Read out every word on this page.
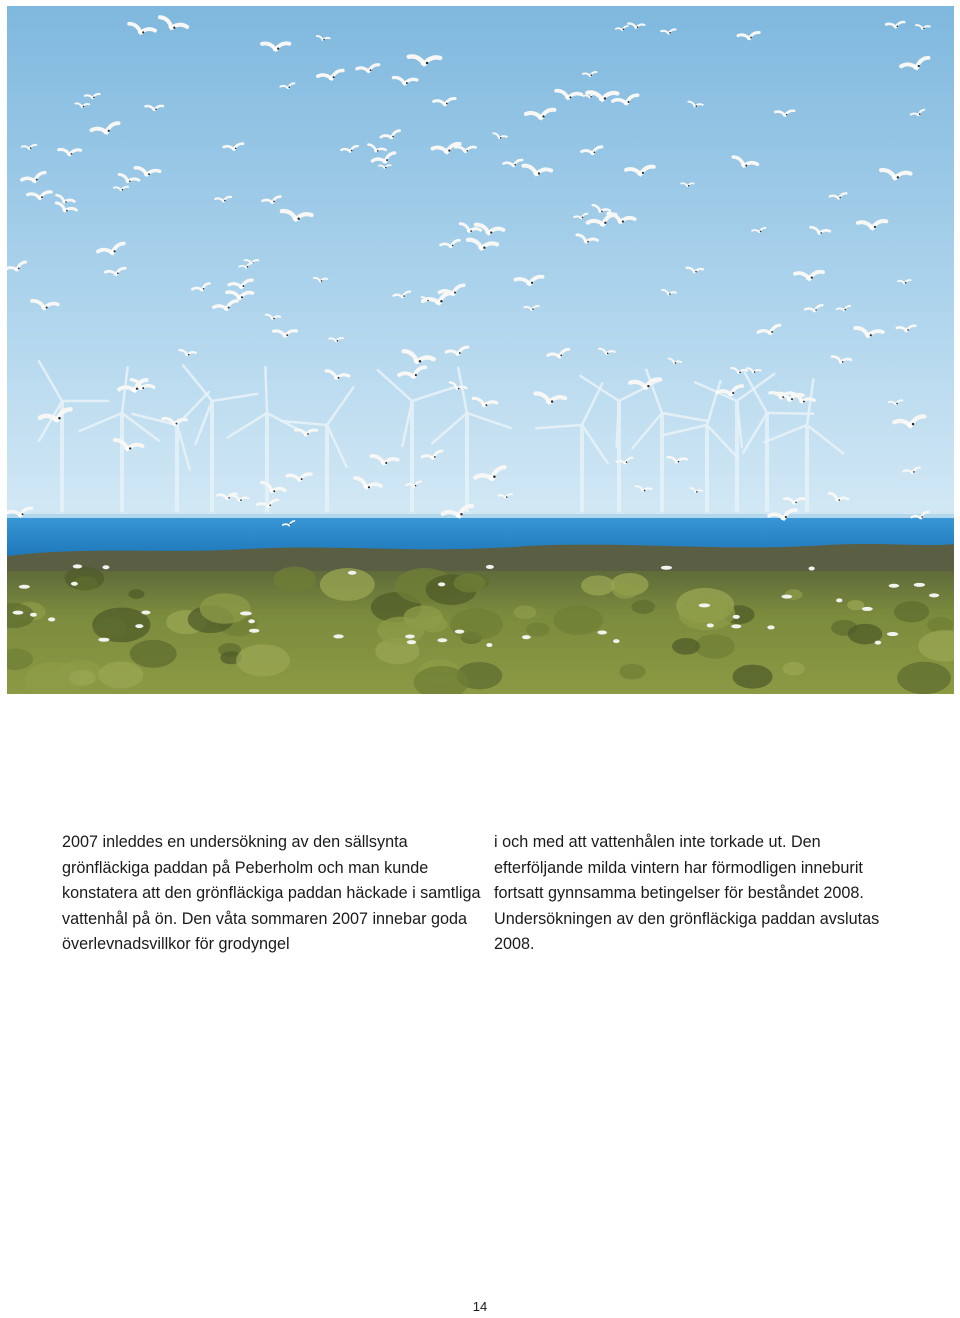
2007 inleddes en undersökning av den sällsynta grönfläckiga paddan på Peberholm och man kunde konstatera att den grönfläckiga paddan häckade i samtliga vattenhål på ön. Den våta sommaren 2007 innebar goda överlevnadsvillkor för grodyngel

i och med att vattenhålen inte torkade ut. Den efterföljande milda vintern har förmodligen inneburit fortsatt gynnsamma betingelser för beståndet 2008. Undersökningen av den grönfläckiga paddan avslutas 2008.

14
